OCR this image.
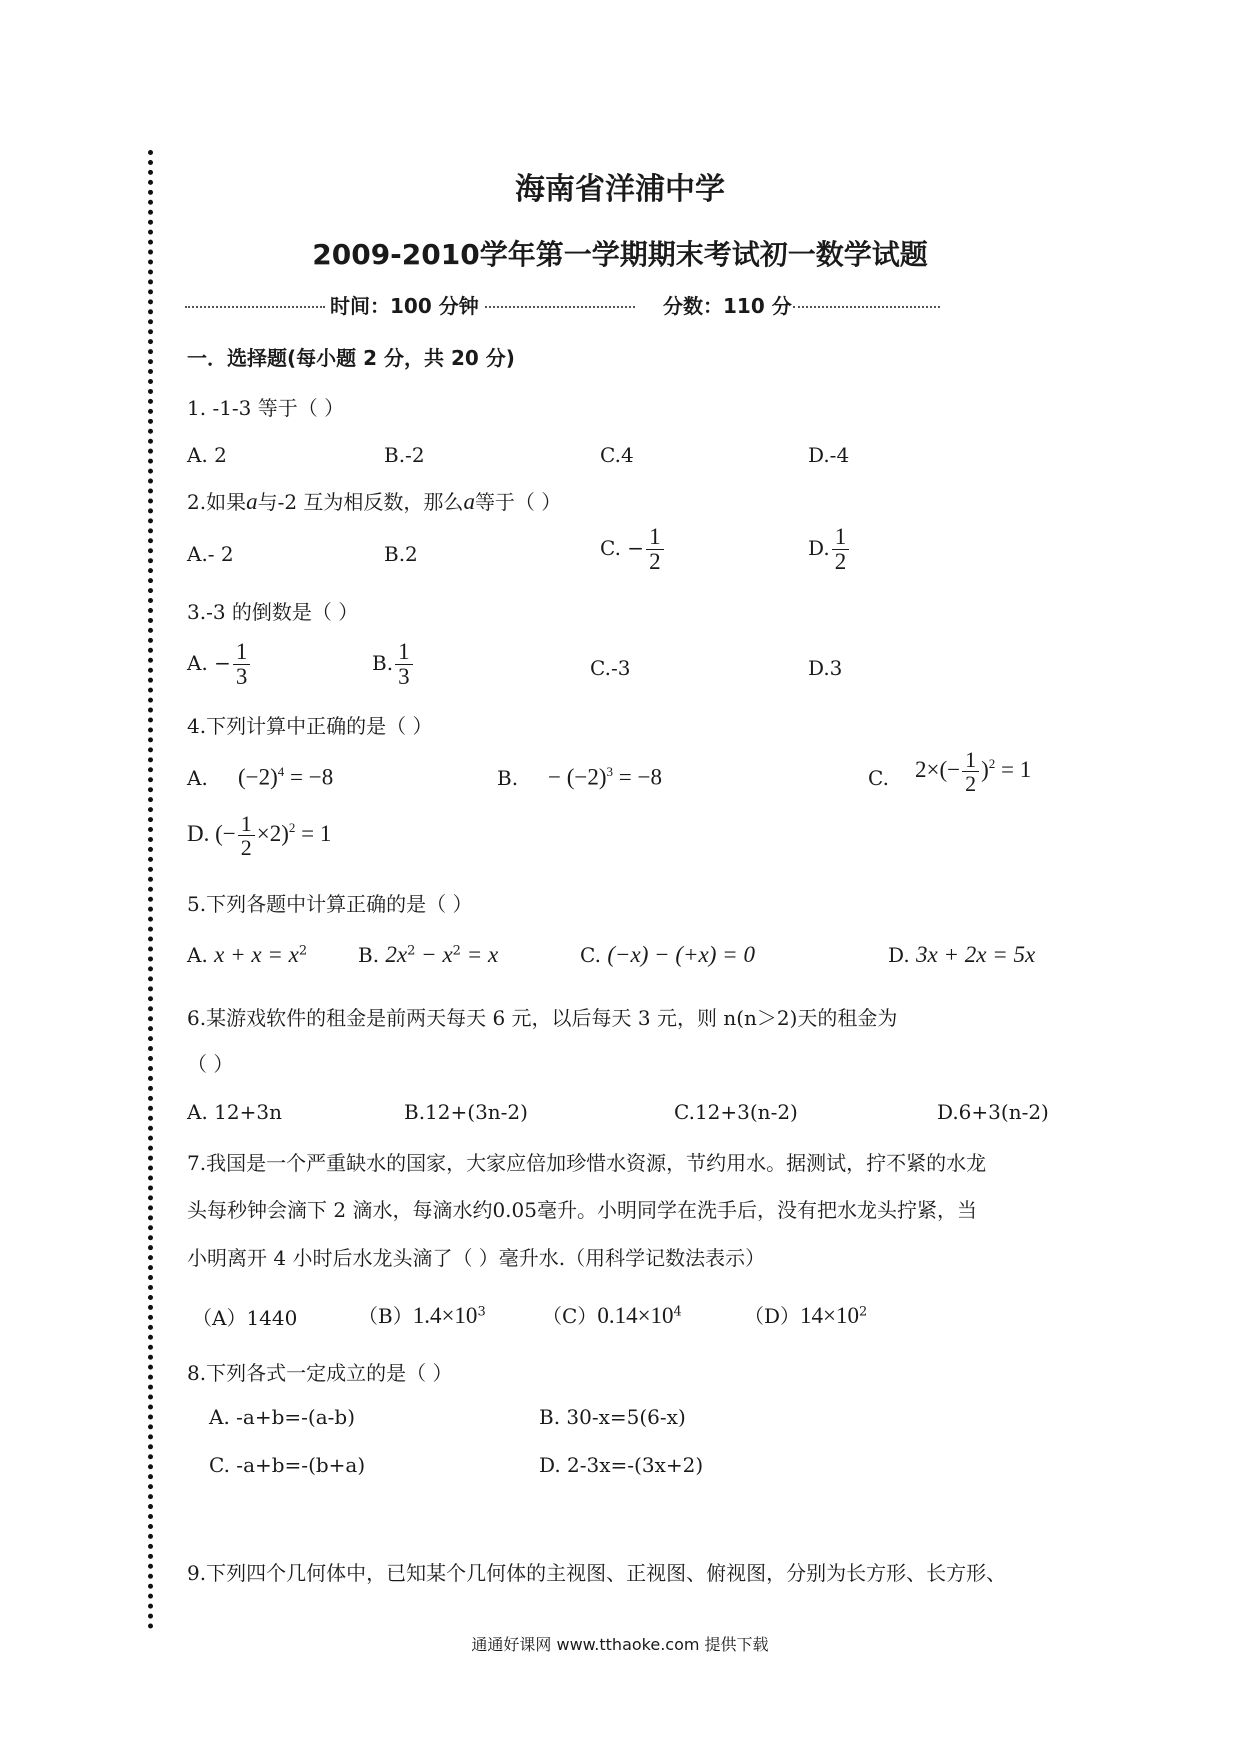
海南省洋浦中学
2009-2010学年第一学期期末考试初一数学试题
时间：100 分钟	分数：110 分
一．选择题(每小题 2 分，共 20 分)
1. -1-3 等于（ ）
A. 2	B.-2	C.4	D.-4
2.如果a与-2 互为相反数，那么a等于（ ）
A.- 2	B.2	C. − $\frac{1}{2}$	D. $\frac{1}{2}$
3.-3 的倒数是（ ）
A. − $\frac{1}{3}$	B. $\frac{1}{3}$	C.-3	D.3
4.下列计算中正确的是（ ）
A. $(-2)^4 = -8$	B. − $(-2)^3 = -8$	C. $2\times(- \frac{1}{2} )^2 = 1$
D. (− $\frac{1}{2} \times 2)^2 = 1$
5.下列各题中计算正确的是（ ）
A. $x + x = x^2$	B. $2x^2 - x^2 = x$	C. (−x) − (+x) = 0	D. 3x + 2x = 5x
6.某游戏软件的租金是前两天每天 6 元，以后每天 3 元，则 n(n＞2)天的租金为
（ ）
A. 12+3n	B.12+(3n-2)	C.12+3(n-2)	D.6+3(n-2)
7.我国是一个严重缺水的国家，大家应倍加珍惜水资源，节约用水。据测试，拧不紧的水龙
头每秒钟会滴下 2 滴水，每滴水约0.05毫升。小明同学在洗手后，没有把水龙头拧紧，当
小明离开 4 小时后水龙头滴了（ ）毫升水.（用科学记数法表示）
（A）1440	$(B)1.4\times 10^3$	$(C)0.14\times 10^4$	$(D)14\times 10^2$
8.下列各式一定成立的是（ ）
A. -a+b=-(a-b)	B. 30-x=5(6-x)
C. -a+b=-(b+a)	D. 2-3x=-(3x+2)
9.下列四个几何体中，已知某个几何体的主视图、正视图、俯视图，分别为长方形、长方形、
通通好课网 www.tthaoke.com 提供下载
